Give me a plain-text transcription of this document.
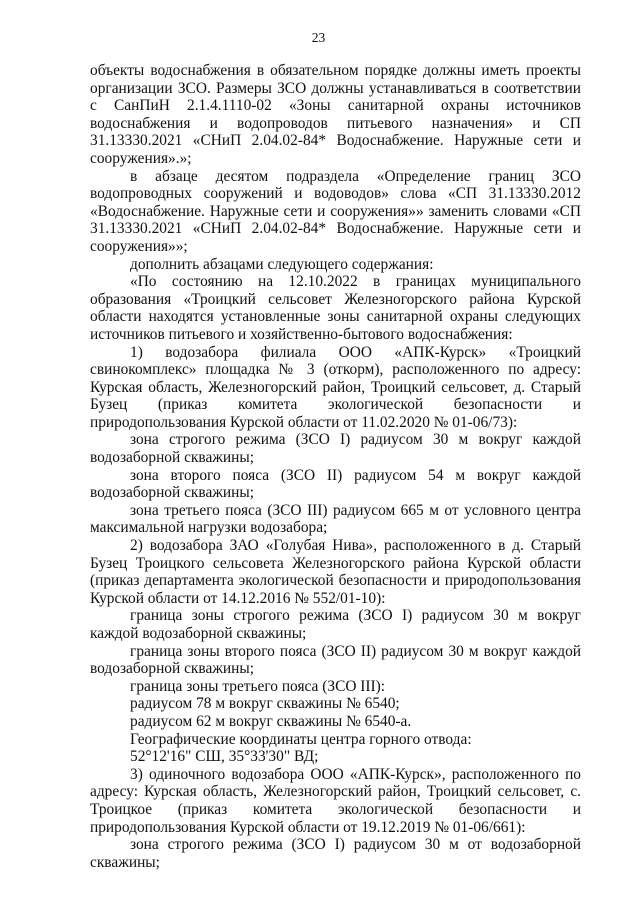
23

объекты водоснабжения в обязательном порядке должны иметь проекты организации ЗСО. Размеры ЗСО должны устанавливаться в соответствии с СанПиН 2.1.4.1110-02 «Зоны санитарной охраны источников водоснабжения и водопроводов питьевого назначения» и СП 31.13330.2021 «СНиП 2.04.02-84* Водоснабжение. Наружные сети и сооружения».»;

в абзаце десятом подраздела «Определение границ ЗСО водопроводных сооружений и водоводов» слова «СП 31.13330.2012 «Водоснабжение. Наружные сети и сооружения»» заменить словами «СП 31.13330.2021 «СНиП 2.04.02-84* Водоснабжение. Наружные сети и сооружения»»;

дополнить абзацами следующего содержания:

«По состоянию на 12.10.2022 в границах муниципального образования «Троицкий сельсовет Железногорского района Курской области находятся установленные зоны санитарной охраны следующих источников питьевого и хозяйственно-бытового водоснабжения:

1) водозабора филиала ООО «АПК-Курск» «Троицкий свинокомплекс» площадка № 3 (откорм), расположенного по адресу: Курская область, Железногорский район, Троицкий сельсовет, д. Старый Бузец (приказ комитета экологической безопасности и природопользования Курской области от 11.02.2020 № 01-06/73):

зона строгого режима (ЗСО I) радиусом 30 м вокруг каждой водозаборной скважины;

зона второго пояса (ЗСО II) радиусом 54 м вокруг каждой водозаборной скважины;

зона третьего пояса (ЗСО III) радиусом 665 м от условного центра максимальной нагрузки водозабора;

2) водозабора ЗАО «Голубая Нива», расположенного в д. Старый Бузец Троицкого сельсовета Железногорского района Курской области (приказ департамента экологической безопасности и природопользования Курской области от 14.12.2016 № 552/01-10):

граница зоны строгого режима (ЗСО I) радиусом 30 м вокруг каждой водозаборной скважины;

граница зоны второго пояса (ЗСО II) радиусом 30 м вокруг каждой водозаборной скважины;

граница зоны третьего пояса (ЗСО III):

радиусом 78 м вокруг скважины № 6540;

радиусом 62 м вокруг скважины № 6540-а.

Географические координаты центра горного отвода:

52°12'16" СШ, 35°33'30" ВД;

3) одиночного водозабора ООО «АПК-Курск», расположенного по адресу: Курская область, Железногорский район, Троицкий сельсовет, с. Троицкое (приказ комитета экологической безопасности и природопользования Курской области от 19.12.2019 № 01-06/661):

зона строгого режима (ЗСО I) радиусом 30 м от водозаборной скважины;
